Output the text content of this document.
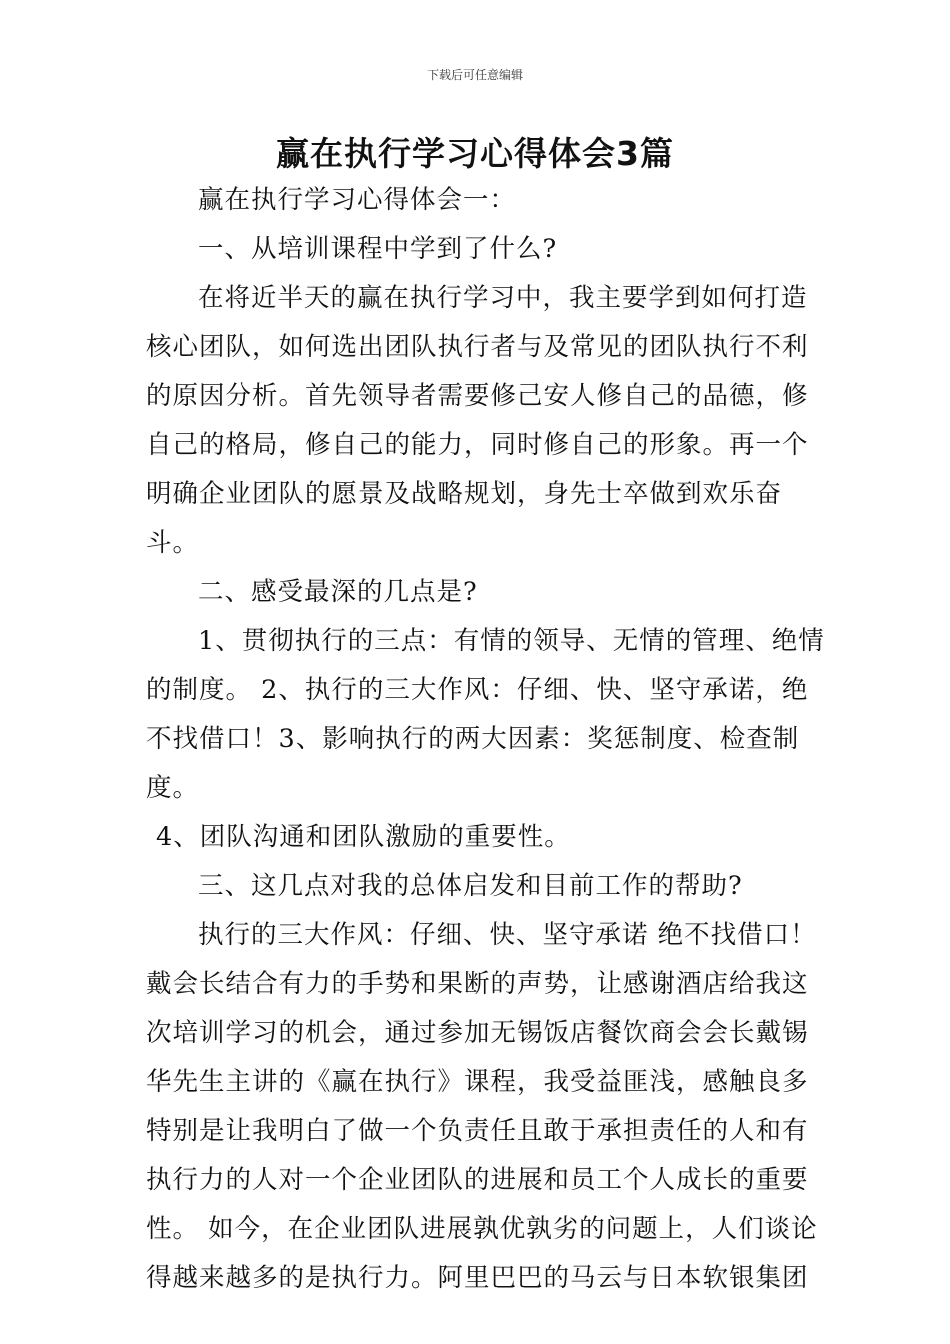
下载后可任意编辑
赢在执行学习心得体会3篇

赢在执行学习心得体会一：

一、从培训课程中学到了什么?

在将近半天的赢在执行学习中，我主要学到如何打造核心团队，如何选出团队执行者与及常见的团队执行不利的原因分析。首先领导者需要修己安人修自己的品德，修自己的格局，修自己的能力，同时修自己的形象。再一个明确企业团队的愿景及战略规划，身先士卒做到欢乐奋斗。

二、感受最深的几点是?

1、贯彻执行的三点：有情的领导、无情的管理、绝情的制度。 2、执行的三大作风：仔细、快、坚守承诺，绝不找借口！3、影响执行的两大因素：奖惩制度、检查制度。

4、团队沟通和团队激励的重要性。

三、这几点对我的总体启发和目前工作的帮助?

执行的三大作风：仔细、快、坚守承诺 绝不找借口！戴会长结合有力的手势和果断的声势，让感谢酒店给我这次培训学习的机会，通过参加无锡饭店餐饮商会会长戴锡华先生主讲的《赢在执行》课程，我受益匪浅，感触良多特别是让我明白了做一个负责任且敢于承担责任的人和有执行力的人对一个企业团队的进展和员工个人成长的重要性。 如今，在企业团队进展孰优孰劣的问题上，人们谈论得越来越多的是执行力。阿里巴巴的马云与日本软银集团
